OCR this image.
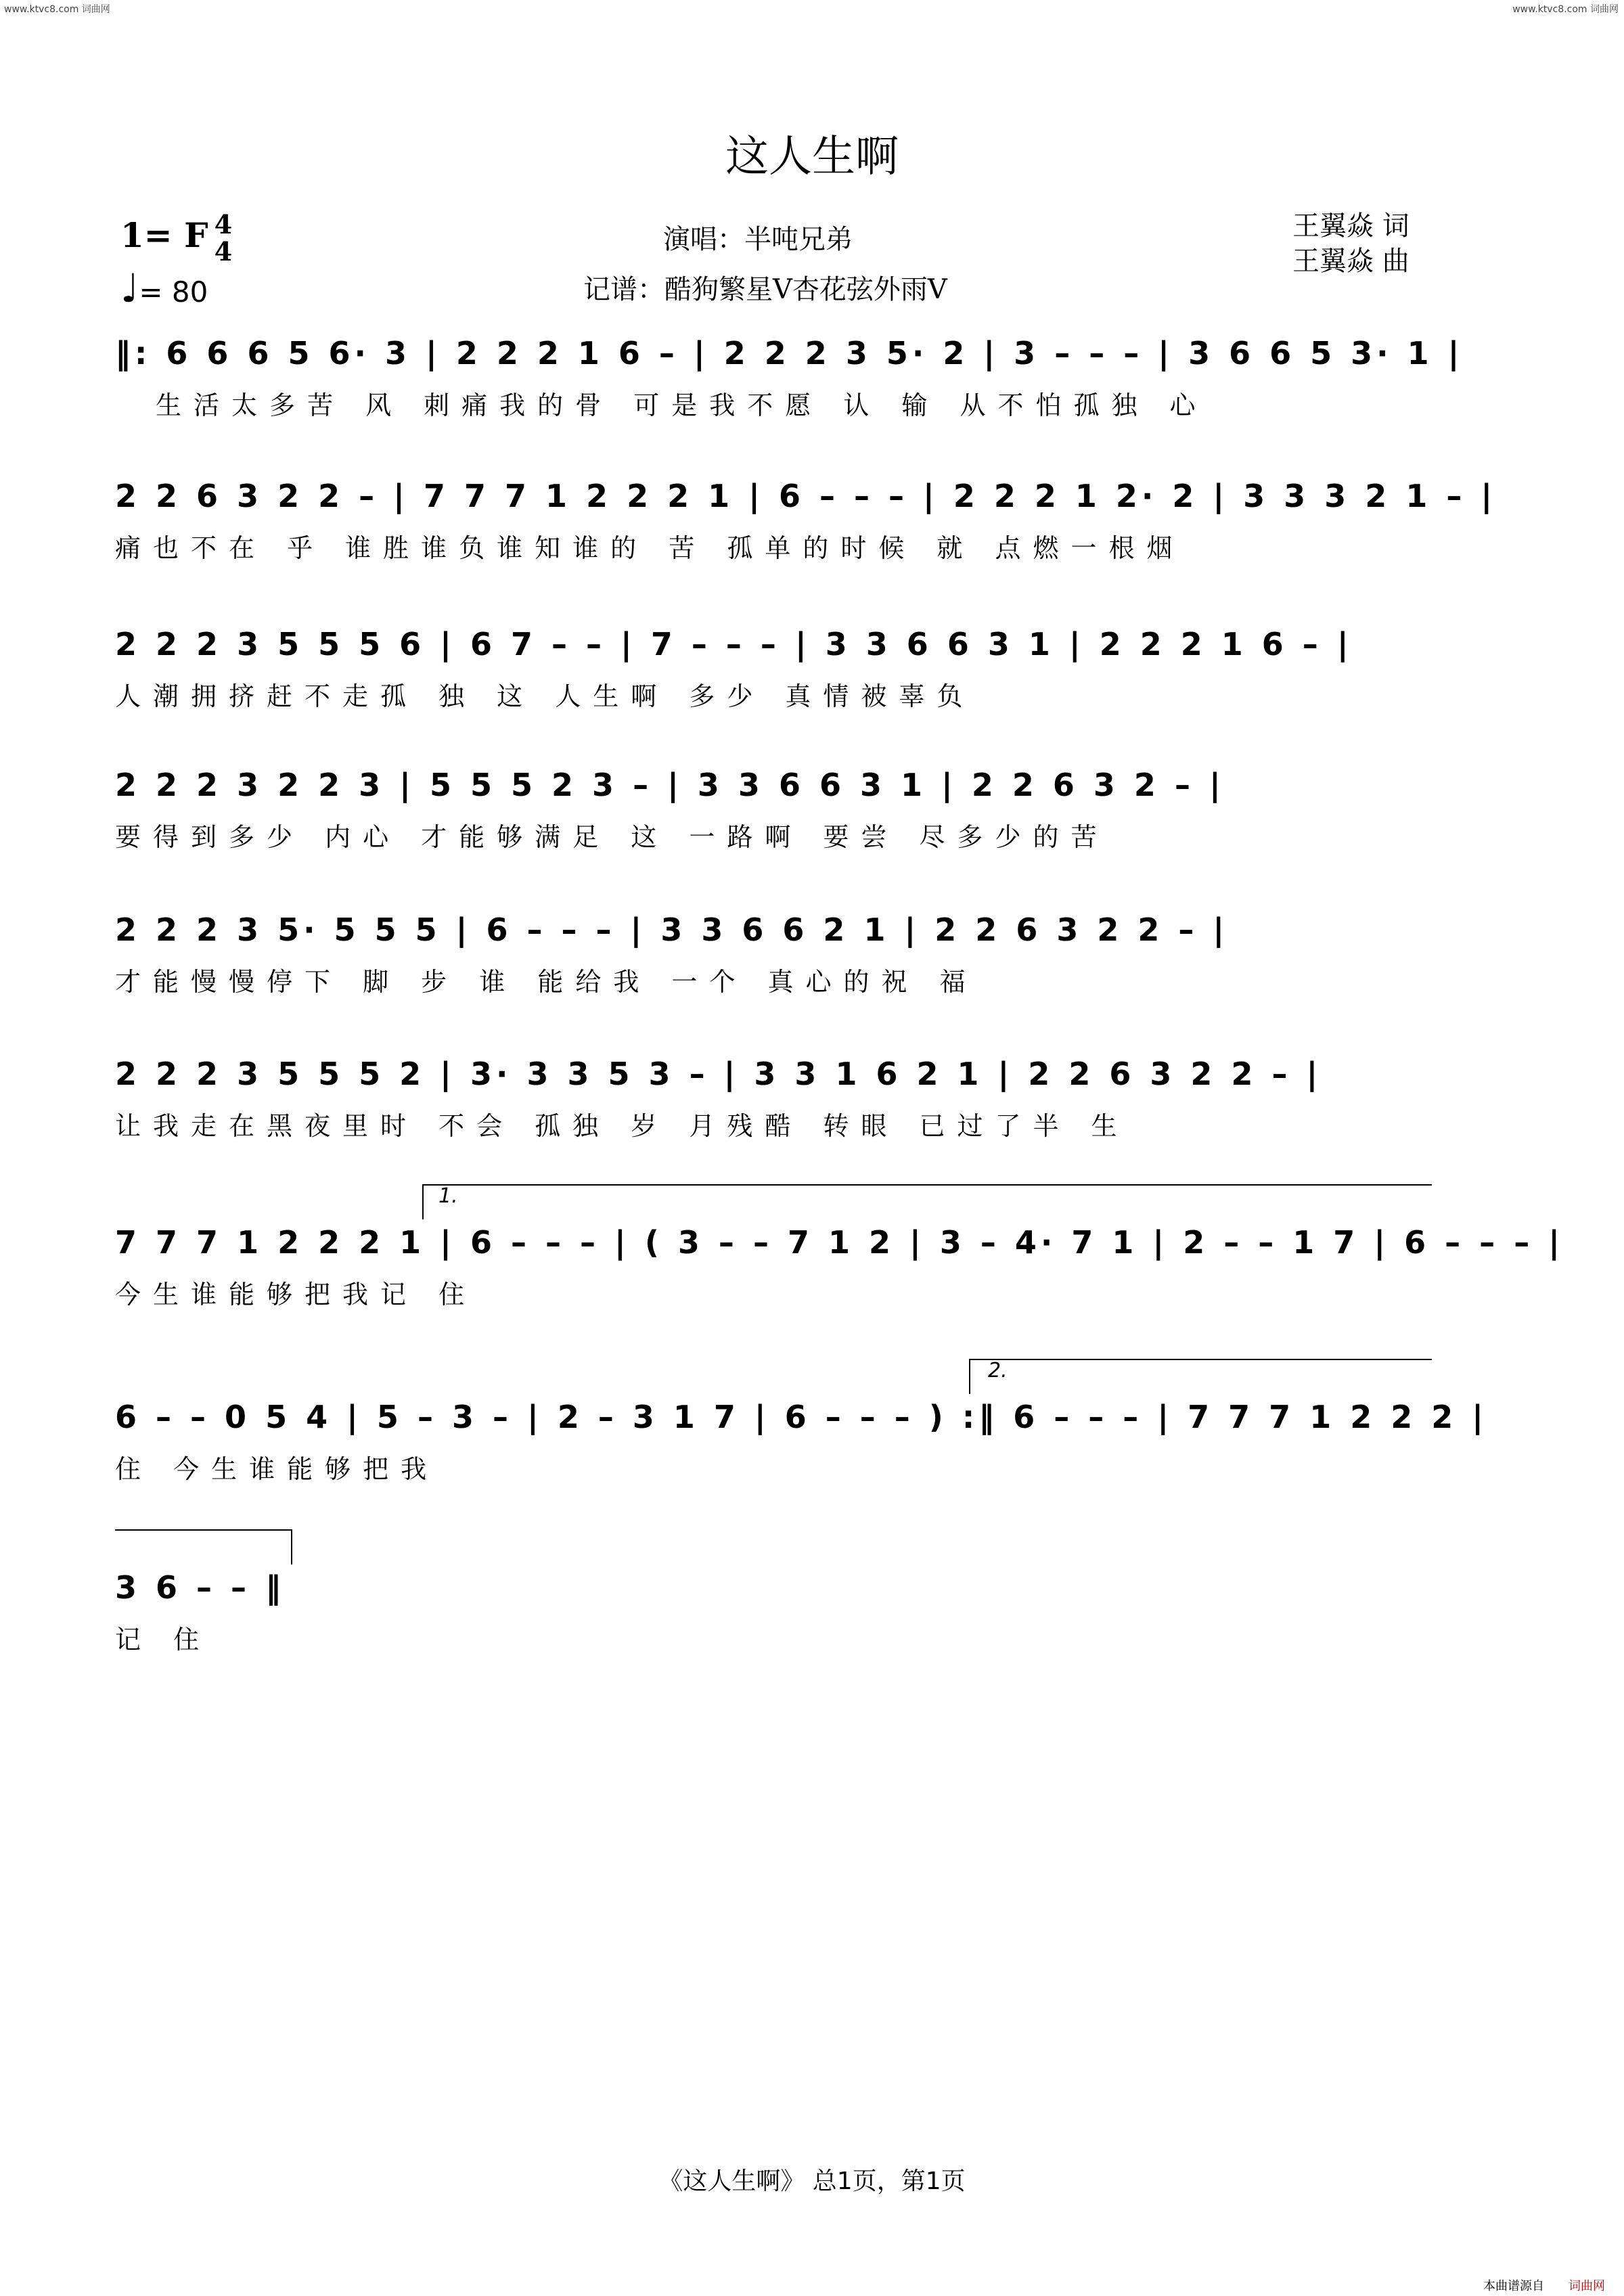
www.ktvc8.com 词曲网	www.ktvc8.com 词曲网
这人生啊
1= F 4
4
♩= 80
演唱：半吨兄弟
记谱：酷狗繁星V杏花弦外雨V
王翼焱 词
王翼焱 曲
‖: 6 6 6 5 6· 3 | 2 2 2 1 6 – | 2 2 2 3 5· 2 | 3 – – – | 3 6 6 5 3· 1 |
生活太多苦 风 刺痛我的骨 可是我不愿 认 输 从不怕孤独 心
2 2 6 3 2 2 – | 7 7 7 1 2 2 2 1 | 6 – – – | 2 2 2 1 2· 2 | 3 3 3 2 1 – |
痛也不在 乎 谁胜谁负谁知谁的 苦 孤单的时候 就 点燃一根烟
2 2 2 3 5 5 5 6 | 6 7 – – | 7 – – – | 3 3 6 6 3 1 | 2 2 2 1 6 – |
人潮拥挤赶不走孤 独 这 人生啊 多少 真情被辜负
2 2 2 3 2 2 3 | 5 5 5 2 3 – | 3 3 6 6 3 1 | 2 2 6 3 2 – |
要得到多少 内心 才能够满足 这 一路啊 要尝 尽多少的苦
2 2 2 3 5· 5 5 5 | 6 – – – | 3 3 6 6 2 1 | 2 2 6 3 2 2 – |
才能慢慢停下 脚 步 谁 能给我 一个 真心的祝 福
2 2 2 3 5 5 5 2 | 3· 3 3 5 3 – | 3 3 1 6 2 1 | 2 2 6 3 2 2 – |
让我走在黑夜里时 不会 孤独 岁 月残酷 转眼 已过了半 生
1.
7 7 7 1 2 2 2 1 | 6 – – – | ( 3 – – 7 1 2 | 3 – 4· 7 1 | 2 – – 1 7 | 6 – – – |
今生谁能够把我记 住
2.
6 – – 0 5 4 | 5 – 3 – | 2 – 3 1 7 | 6 – – – ) :‖ 6 – – – | 7 7 7 1 2 2 2 |
住 今生谁能够把我
3 6 – – ‖
记 住
《这人生啊》 总1页，第1页
本曲谱源自 词曲网
